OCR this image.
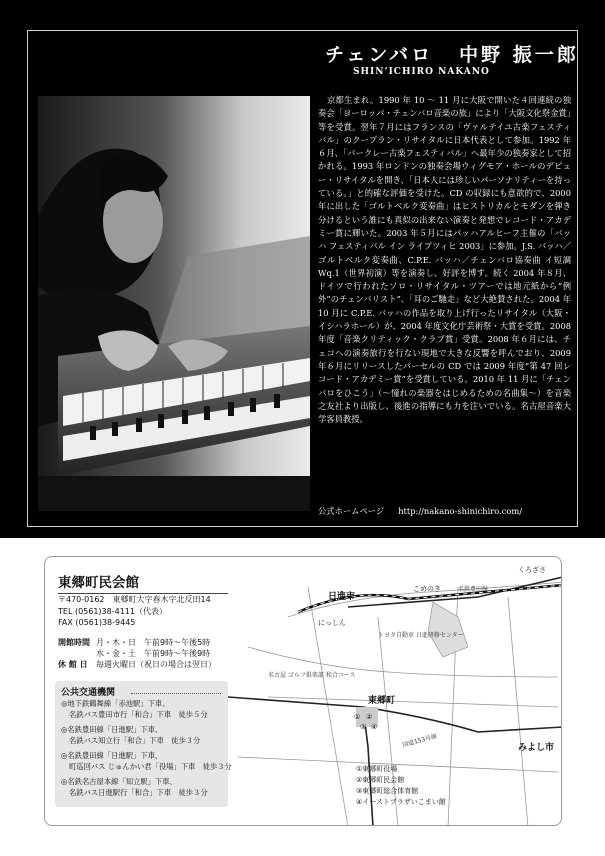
チェンバロ 中野 振一郎
SHIN’ICHIRO NAKANO

京都生まれ。1990 年 10 ～ 11 月に大阪で開いた４回連続の独奏会「ヨーロッパ・チェンバロ音楽の旅」により「大阪文化祭金賞」等を受賞。翌年７月にはフランスの「ヴァルテイユ古楽フェスティバル」のクープラン・リサイタルに日本代表として参加。1992 年６月、「バークレー古楽フェスティバル」へ最年少の独奏家として招かれる。1993 年ロンドンの独奏会場ウィグモア・ホールのデビュー・リサイタルを開き、「日本人には珍しいパーソナリティーを持っている。」と的確な評価を受けた。CD の収録にも意欲的で、2000 年に出した「ゴルトベルク変奏曲」はヒストリカルとモダンを弾き分けるという誰にも真似の出来ない演奏と発想でレコード・アカデミー賞に輝いた。2003 年５月にはパッハアルヒーフ主催の「バッハ フェスティバル イン ライプツィヒ 2003」に参加。J.S. バッハ／ゴルトベルク変奏曲、C.P.E. バッハ／チェンバロ協奏曲 イ短調 Wq.1（世界初演）等を演奏し、好評を博す。続く 2004 年８月、ドイツで行われたソロ・リサイタル・ツアーでは地元紙から“例外”のチェンバリスト”、「耳のご馳走」など大絶賛された。2004 年 10 月に C.P.E. バッハの作品を取り上げ行ったリサイタル（大阪・イシハラホール）が、2004 年度文化庁芸術祭・大賞を受賞。2008 年度「音楽クリティック・クラブ賞」受賞。2008 年６月には、チェコへの演奏旅行を行ない現地で大きな反響を呼んでおり、2009 年６月にリリースしたパーセルの CD では 2009 年度“第 47 回レコード・アカデミー賞”を受賞している。2010 年 11 月に「チェンバロをひこう」（～憧れの楽器をはじめるための名曲集～）を音楽之友社より出版し、後進の指導にも力を注いでいる。名古屋音楽大学客員教授。

公式ホームページ http://nakano-shinichiro.com/
東郷町民会館
〒470-0162　東郷町大字春木字北反田14
TEL (0561)38-4111（代表）
FAX (0561)38-9445
開館時間 月・木・日　午前9時～午後5時
水・金・土　午前9時～午後9時
休 館 日 毎週火曜日（祝日の場合は翌日）
公共交通機関
◎地下鉄鶴舞線「赤池駅」下車、
名鉄バス豊田市行「和合」下車　徒歩５分
◎名鉄豊田線「日進駅」下車、
名鉄バス知立行「和合」下車　徒歩３分
◎名鉄豊田線「日進駅」下車、
町巡回バス じゅんかい君「役場」下車　徒歩３分
◎名鉄名古屋本線「知立駅」下車、
名鉄バス日進駅行「和合」下車　徒歩３分
日進市
みよし市
東郷町
にっしん
こめのき
くろざさ
名鉄豊田線
トヨタ自動車 日進研修センター
国道153号線
名古屋 ゴルフ倶楽部 和合コース
① ②
③ ④
①東郷町役場
②東郷町民会館
③東郷町総合体育館
④イーストプラザいこまい館
